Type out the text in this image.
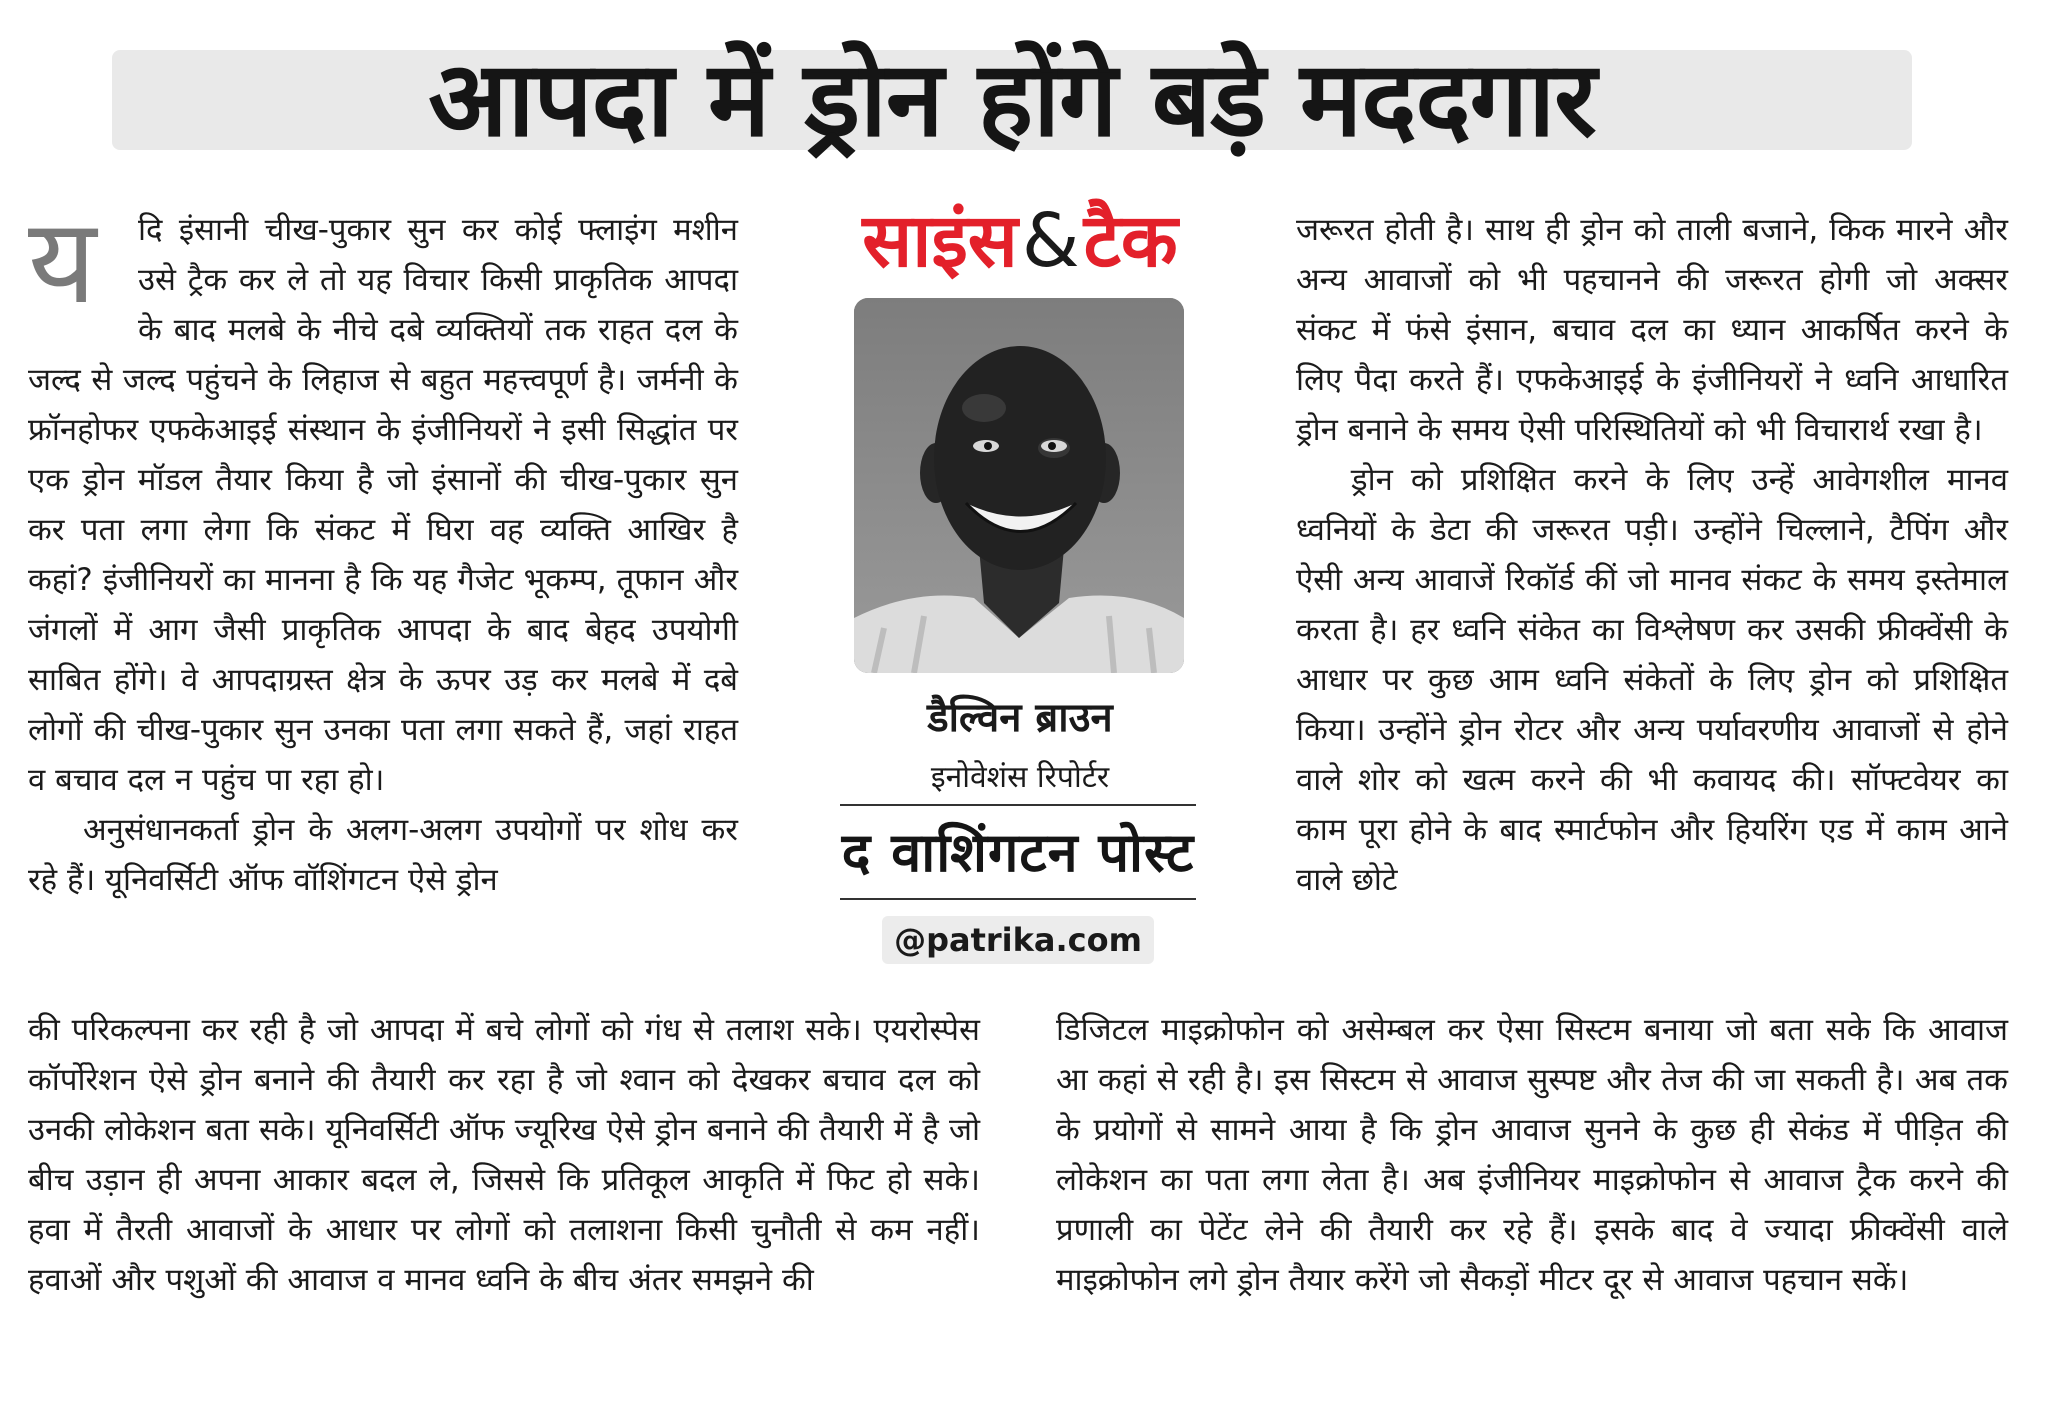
आपदा में ड्रोन होंगे बड़े मददगार

य	दि इंसानी चीख-पुकार सुन कर कोई फ्लाइंग मशीन उसे ट्रैक कर ले तो यह विचार किसी प्राकृतिक आपदा के बाद मलबे के नीचे दबे व्यक्तियों तक राहत दल के जल्द से जल्द पहुंचने के लिहाज से बहुत महत्त्वपूर्ण है। जर्मनी के फ्रॉनहोफर एफकेआइई संस्थान के इंजीनियरों ने इसी सिद्धांत पर एक ड्रोन मॉडल तैयार किया है जो इंसानों की चीख-पुकार सुन कर पता लगा लेगा कि संकट में घिरा वह व्यक्ति आखिर है कहां? इंजीनियरों का मानना है कि यह गैजेट भूकम्प, तूफान और जंगलों में आग जैसी प्राकृतिक आपदा के बाद बेहद उपयोगी साबित होंगे। वे आपदाग्रस्त क्षेत्र के ऊपर उड़ कर मलबे में दबे लोगों की चीख-पुकार सुन उनका पता लगा सकते हैं, जहां राहत व बचाव दल न पहुंच पा रहा हो।

अनुसंधानकर्ता ड्रोन के अलग-अलग उपयोगों पर शोध कर रहे हैं। यूनिवर्सिटी ऑफ वॉशिंगटन ऐसे ड्रोन

की परिकल्पना कर रही है जो आपदा में बचे लोगों को गंध से तलाश सके। एयरोस्पेस कॉर्पोरेशन ऐसे ड्रोन बनाने की तैयारी कर रहा है जो श्वान को देखकर बचाव दल को उनकी लोकेशन बता सके। यूनिवर्सिटी ऑफ ज्यूरिख ऐसे ड्रोन बनाने की तैयारी में है जो बीच उड़ान ही अपना आकार बदल ले, जिससे कि प्रतिकूल आकृति में फिट हो सके। हवा में तैरती आवाजों के आधार पर लोगों को तलाशना किसी चुनौती से कम नहीं। हवाओं और पशुओं की आवाज व मानव ध्वनि के बीच अंतर समझने की

साइंस&टैक
डैल्विन ब्राउन
इनोवेशंस रिपोर्टर
द वाशिंगटन पोस्ट
@patrika.com

जरूरत होती है। साथ ही ड्रोन को ताली बजाने, किक मारने और अन्य आवाजों को भी पहचानने की जरूरत होगी जो अक्सर संकट में फंसे इंसान, बचाव दल का ध्यान आकर्षित करने के लिए पैदा करते हैं। एफकेआइई के इंजीनियरों ने ध्वनि आधारित ड्रोन बनाने के समय ऐसी परिस्थितियों को भी विचारार्थ रखा है।

ड्रोन को प्रशिक्षित करने के लिए उन्हें आवेगशील मानव ध्वनियों के डेटा की जरूरत पड़ी। उन्होंने चिल्लाने, टैपिंग और ऐसी अन्य आवाजें रिकॉर्ड कीं जो मानव संकट के समय इस्तेमाल करता है। हर ध्वनि संकेत का विश्लेषण कर उसकी फ्रीक्वेंसी के आधार पर कुछ आम ध्वनि संकेतों के लिए ड्रोन को प्रशिक्षित किया। उन्होंने ड्रोन रोटर और अन्य पर्यावरणीय आवाजों से होने वाले शोर को खत्म करने की भी कवायद की। सॉफ्टवेयर का काम पूरा होने के बाद स्मार्टफोन और हियरिंग एड में काम आने वाले छोटे

डिजिटल माइक्रोफोन को असेम्बल कर ऐसा सिस्टम बनाया जो बता सके कि आवाज आ कहां से रही है। इस सिस्टम से आवाज सुस्पष्ट और तेज की जा सकती है। अब तक के प्रयोगों से सामने आया है कि ड्रोन आवाज सुनने के कुछ ही सेकंड में पीड़ित की लोकेशन का पता लगा लेता है। अब इंजीनियर माइक्रोफोन से आवाज ट्रैक करने की प्रणाली का पेटेंट लेने की तैयारी कर रहे हैं। इसके बाद वे ज्यादा फ्रीक्वेंसी वाले माइक्रोफोन लगे ड्रोन तैयार करेंगे जो सैकड़ों मीटर दूर से आवाज पहचान सकें।
